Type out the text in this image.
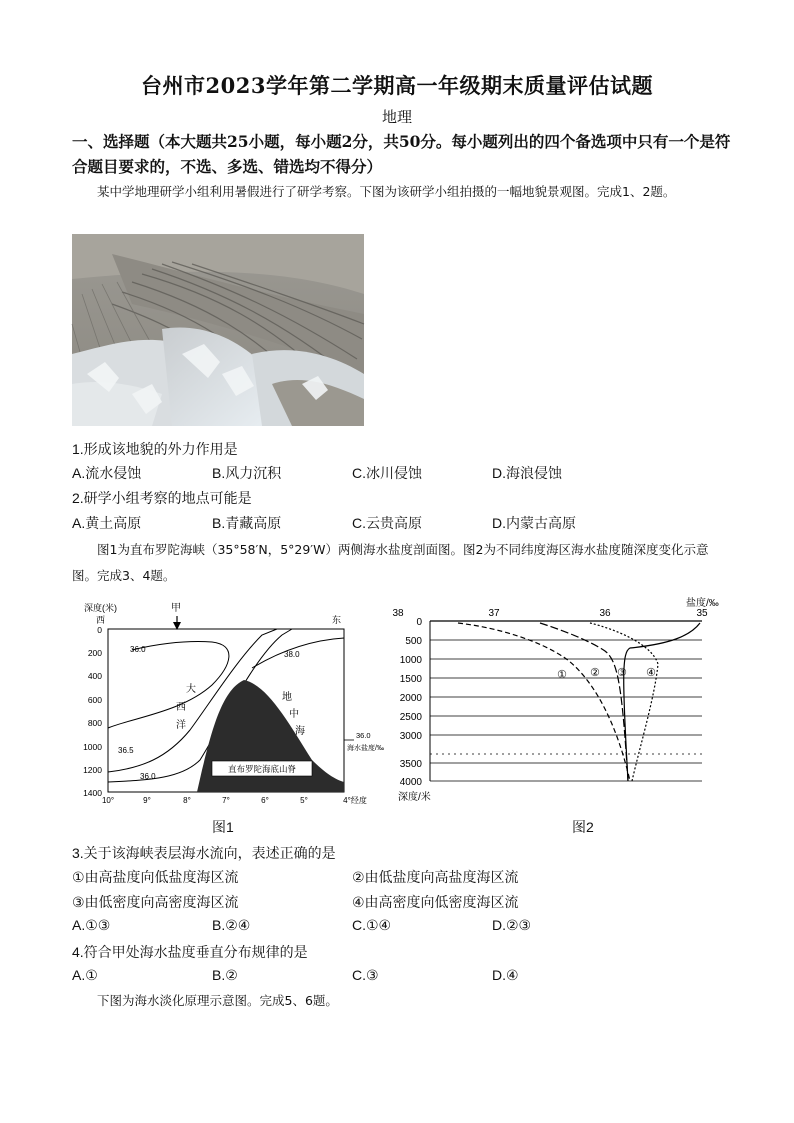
台州市2023学年第二学期高一年级期末质量评估试题
地理
一、选择题（本大题共25小题，每小题2分，共50分。每小题列出的四个备选项中只有一个是符合题目要求的，不选、多选、错选均不得分）
某中学地理研学小组利用暑假进行了研学考察。下图为该研学小组拍摄的一幅地貌景观图。完成1、2题。
1.形成该地貌的外力作用是
A.流水侵蚀	B.风力沉积	C.冰川侵蚀	D.海浪侵蚀
2.研学小组考察的地点可能是
A.黄土高原	B.青藏高原	C.云贵高原	D.内蒙古高原
图1为直布罗陀海峡（35°58′N，5°29′W）两侧海水盐度剖面图。图2为不同纬度海区海水盐度随深度变化示意图。完成3、4题。
深度(米)
西	东
甲
0
200
400
600
800
1000
1200
1400
10°	9°	8°	7°	6°	5°	4°经度
直布罗陀海底山脊
36.0
38.0
36.5
36.0
大
西
洋
地
中
海	36.0
海水盐度/‰
图1
盐度/‰
38	37	36	35
0
500
1000
1500
2000
2500
3000
3500
4000
深度/米
① ② ③ ④
图2
3.关于该海峡表层海水流向，表述正确的是
①由高盐度向低盐度海区流	②由低盐度向高盐度海区流
③由低密度向高密度海区流	④由高密度向低密度海区流
A.①③	B.②④	C.①④	D.②③
4.符合甲处海水盐度垂直分布规律的是
A.①	B.②	C.③	D.④
下图为海水淡化原理示意图。完成5、6题。
